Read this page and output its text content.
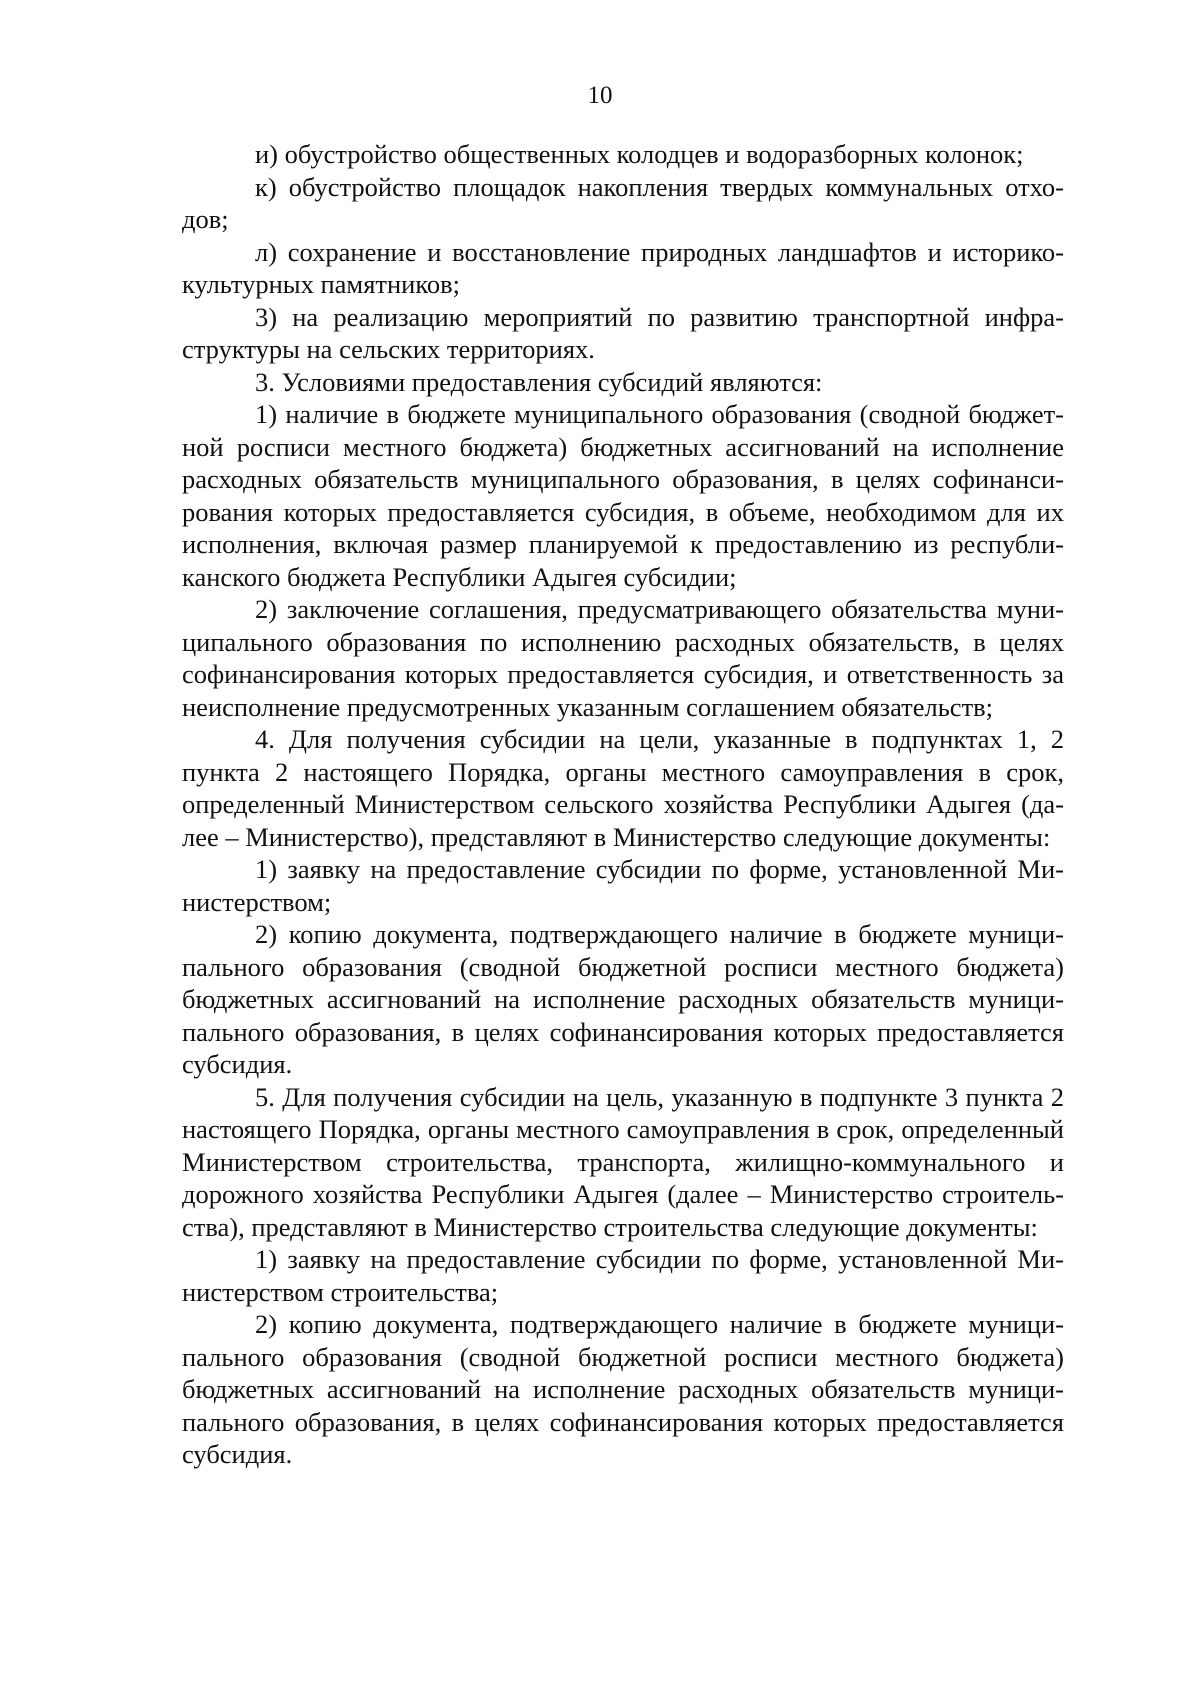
10

и) обустройство общественных колодцев и водоразборных колонок;

к) обустройство площадок накопления твердых коммунальных отходов;

л) сохранение и восстановление природных ландшафтов и историкокультурных памятников;

3) на реализацию мероприятий по развитию транспортной инфраструктуры на сельских территориях.

3. Условиями предоставления субсидий являются:

1) наличие в бюджете муниципального образования (сводной бюджетной росписи местного бюджета) бюджетных ассигнований на исполнение расходных обязательств муниципального образования, в целях софинансирования которых предоставляется субсидия, в объеме, необходимом для их исполнения, включая размер планируемой к предоставлению из республиканского бюджета Республики Адыгея субсидии;

2) заключение соглашения, предусматривающего обязательства муниципального образования по исполнению расходных обязательств, в целях софинансирования которых предоставляется субсидия, и ответственность за неисполнение предусмотренных указанным соглашением обязательств;

4. Для получения субсидии на цели, указанные в подпунктах 1, 2 пункта 2 настоящего Порядка, органы местного самоуправления в срок, определенный Министерством сельского хозяйства Республики Адыгея (далее – Министерство), представляют в Министерство следующие документы:

1) заявку на предоставление субсидии по форме, установленной Министерством;

2) копию документа, подтверждающего наличие в бюджете муниципального образования (сводной бюджетной росписи местного бюджета) бюджетных ассигнований на исполнение расходных обязательств муниципального образования, в целях софинансирования которых предоставляется субсидия.

5. Для получения субсидии на цель, указанную в подпункте 3 пункта 2 настоящего Порядка, органы местного самоуправления в срок, определенный Министерством строительства, транспорта, жилищно-коммунального и дорожного хозяйства Республики Адыгея (далее – Министерство строительства), представляют в Министерство строительства следующие документы:

1) заявку на предоставление субсидии по форме, установленной Министерством строительства;

2) копию документа, подтверждающего наличие в бюджете муниципального образования (сводной бюджетной росписи местного бюджета) бюджетных ассигнований на исполнение расходных обязательств муниципального образования, в целях софинансирования которых предоставляется субсидия.
